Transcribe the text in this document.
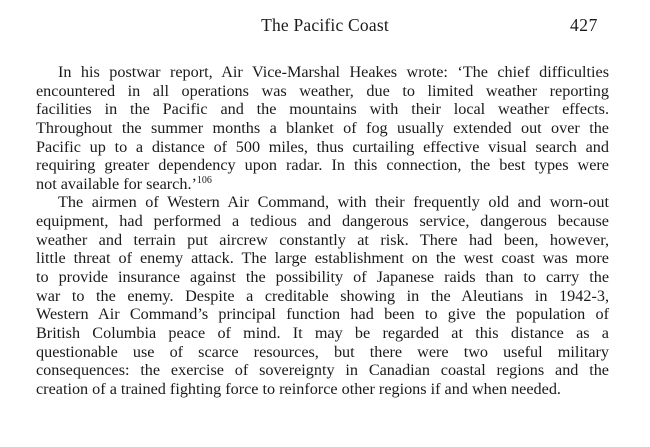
The Pacific Coast	427
In his postwar report, Air Vice-Marshal Heakes wrote: ‘The chief difficulties
encountered in all operations was weather, due to limited weather reporting
facilities in the Pacific and the mountains with their local weather effects.
Throughout the summer months a blanket of fog usually extended out over the
Pacific up to a distance of 500 miles, thus curtailing effective visual search and
requiring greater dependency upon radar. In this connection, the best types were
not available for search.’$^{106}$
The airmen of Western Air Command, with their frequently old and worn-out
equipment, had performed a tedious and dangerous service, dangerous because
weather and terrain put aircrew constantly at risk. There had been, however,
little threat of enemy attack. The large establishment on the west coast was more
to provide insurance against the possibility of Japanese raids than to carry the
war to the enemy. Despite a creditable showing in the Aleutians in 1942-3,
Western Air Command’s principal function had been to give the population of
British Columbia peace of mind. It may be regarded at this distance as a
questionable use of scarce resources, but there were two useful military
consequences: the exercise of sovereignty in Canadian coastal regions and the
creation of a trained fighting force to reinforce other regions if and when needed.
